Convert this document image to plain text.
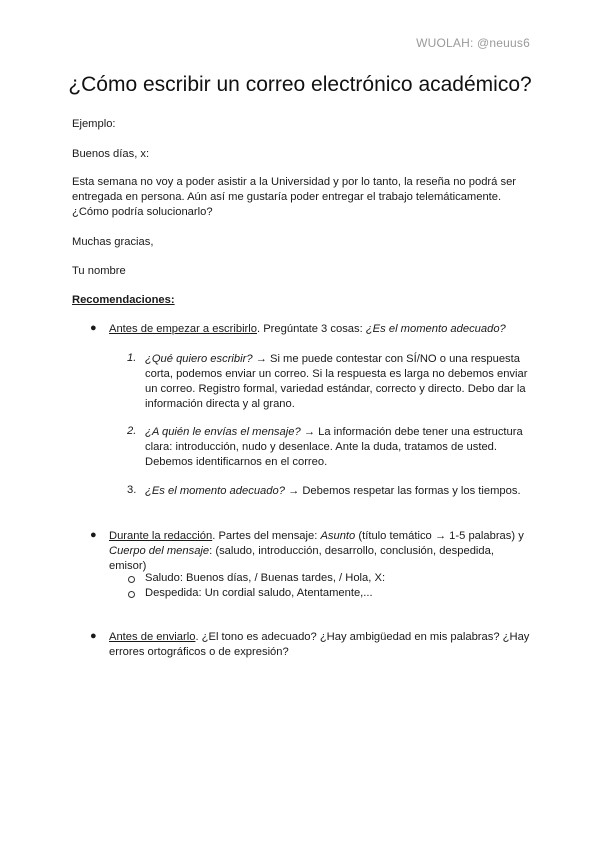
WUOLAH: @neuus6
¿Cómo escribir un correo electrónico académico?

Ejemplo:

Buenos días, x:

Esta semana no voy a poder asistir a la Universidad y por lo tanto, la reseña no podrá ser entregada en persona. Aún así me gustaría poder entregar el trabajo telemáticamente. ¿Cómo podría solucionarlo?

Muchas gracias,

Tu nombre

Recomendaciones:

● Antes de empezar a escribirlo. Pregúntate 3 cosas: ¿Es el momento adecuado?

1. ¿Qué quiero escribir? → Si me puede contestar con SÍ/NO o una respuesta corta, podemos enviar un correo. Si la respuesta es larga no debemos enviar un correo. Registro formal, variedad estándar, correcto y directo. Debo dar la información directa y al grano.

2. ¿A quién le envías el mensaje? → La información debe tener una estructura clara: introducción, nudo y desenlace. Ante la duda, tratamos de usted. Debemos identificarnos en el correo.

3. ¿Es el momento adecuado? → Debemos respetar las formas y los tiempos.

● Durante la redacción. Partes del mensaje: Asunto (título temático → 1-5 palabras) y Cuerpo del mensaje: (saludo, introducción, desarrollo, conclusión, despedida, emisor)

Saludo: Buenos días, / Buenas tardes, / Hola, X:

Despedida: Un cordial saludo, Atentamente,...

● Antes de enviarlo. ¿El tono es adecuado? ¿Hay ambigüedad en mis palabras? ¿Hay errores ortográficos o de expresión?
